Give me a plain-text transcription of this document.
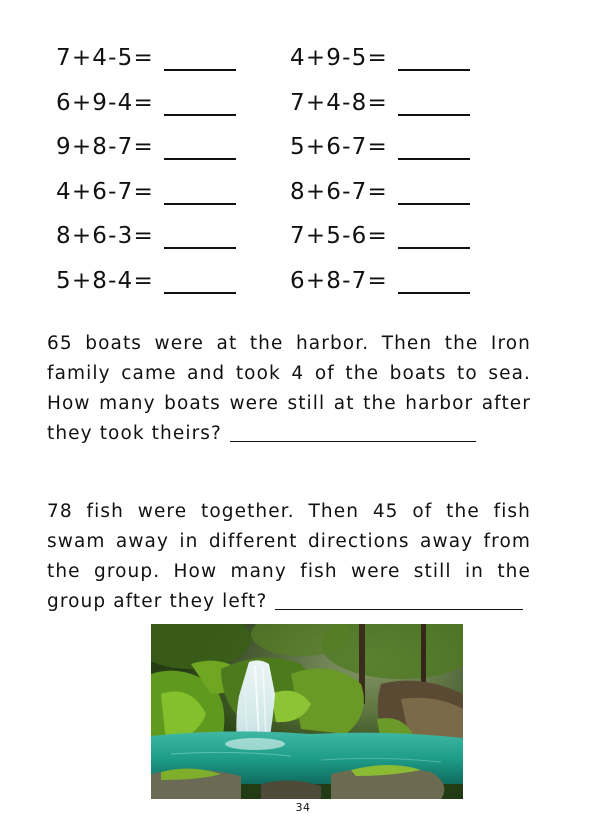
7+4-5=	4+9-5=
6+9-4=	7+4-8=
9+8-7=	5+6-7=
4+6-7=	8+6-7=
8+6-3=	7+5-6=
5+8-4=	6+8-7=
65 boats were at the harbor. Then the Iron family came and took 4 of the boats to sea. How many boats were still at the harbor after they took theirs?
78 fish were together. Then 45 of the fish swam away in different directions away from the group. How many fish were still in the group after they left?
34
